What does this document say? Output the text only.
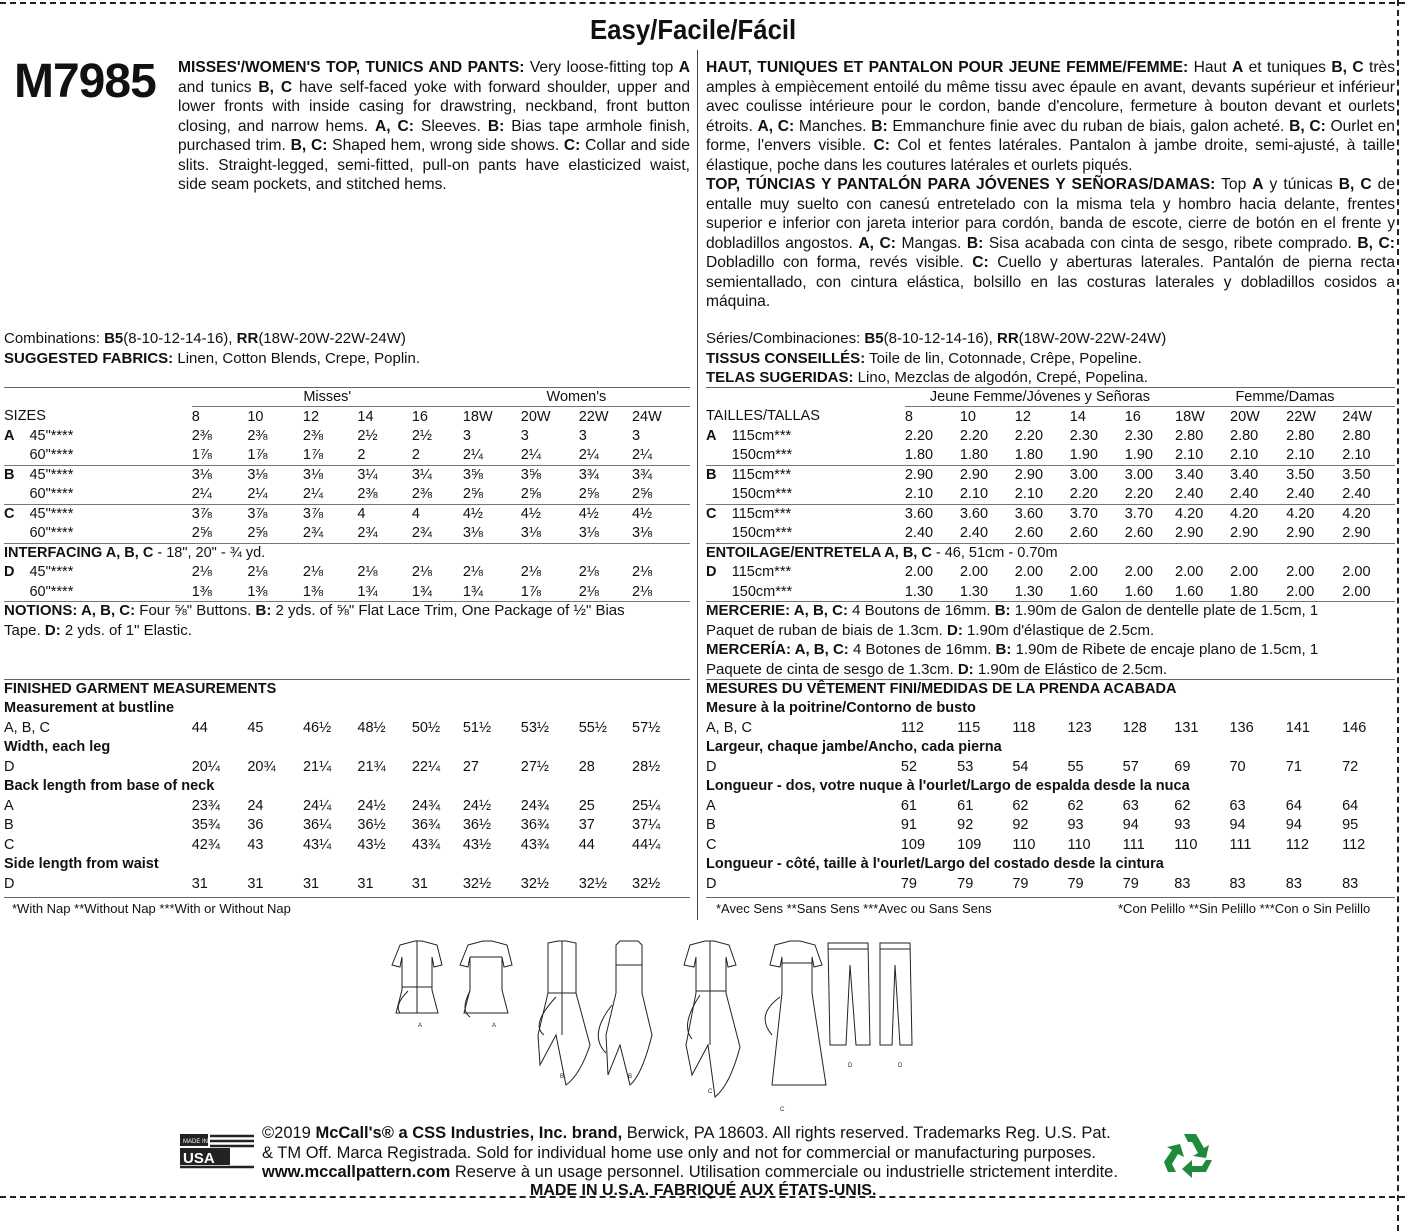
Easy/Facile/Fácil
M7985 MISSES'/WOMEN'S TOP, TUNICS AND PANTS: Very loose-fitting top A and tunics B, C have self-faced yoke with forward shoulder, upper and lower fronts with inside casing for drawstring, neckband, front button closing, and narrow hems. A, C: Sleeves. B: Bias tape armhole finish, purchased trim. B, C: Shaped hem, wrong side shows. C: Collar and side slits. Straight-legged, semi-fitted, pull-on pants have elasticized waist, side seam pockets, and stitched hems.
HAUT, TUNIQUES ET PANTALON POUR JEUNE FEMME/FEMME: Haut A et tuniques B, C très amples à empiècement entoilé du même tissu avec épaule en avant, devants supérieur et inférieur avec coulisse intérieure pour le cordon, bande d'encolure, fermeture à bouton devant et ourlets étroits. A, C: Manches. B: Emmanchure finie avec du ruban de biais, galon acheté. B, C: Ourlet en forme, l'envers visible. C: Col et fentes latérales. Pantalon à jambe droite, semi-ajusté, à taille élastique, poche dans les coutures latérales et ourlets piqués.
TOP, TÚNCIAS Y PANTALÓN PARA JÓVENES Y SEÑORAS/DAMAS: Top A y túnicas B, C de entalle muy suelto con canesú entretelado con la misma tela y hombro hacia delante, frentes superior e inferior con jareta interior para cordón, banda de escote, cierre de botón en el frente y dobladillos angostos. A, C: Mangas. B: Sisa acabada con cinta de sesgo, ribete comprado. B, C: Dobladillo con forma, revés visible. C: Cuello y aberturas laterales. Pantalón de pierna recta semientallado, con cintura elástica, bolsillo en las costuras laterales y dobladillos cosidos a máquina.
Combinations: B5(8-10-12-14-16), RR(18W-20W-22W-24W)
SUGGESTED FABRICS: Linen, Cotton Blends, Crepe, Poplin.
Séries/Combinaciones: B5(8-10-12-14-16), RR(18W-20W-22W-24W)
TISSUS CONSEILLÉS: Toile de lin, Cotonnade, Crêpe, Popeline.
TELAS SUGERIDAS: Lino, Mezclas de algodón, Crepé, Popelina.
		Misses'					Women's			
SIZES		8	10	12	14	16	18W	20W	22W	24W
A	45"****	2⅜	2⅜	2⅜	2½	2½	3	3	3	3
	60"****	1⅞	1⅞	1⅞	2	2	2¼	2¼	2¼	2¼
B	45"****	3⅛	3⅛	3⅛	3¼	3¼	3⅝	3⅝	3¾	3¾
	60"****	2¼	2¼	2¼	2⅜	2⅜	2⅝	2⅝	2⅝	2⅝
C	45"****	3⅞	3⅞	3⅞	4	4	4½	4½	4½	4½
	60"****	2⅝	2⅝	2¾	2¾	2¾	3⅛	3⅛	3⅛	3⅛
INTERFACING A, B, C - 18", 20" - ¾ yd.										
D	45"****	2⅛	2⅛	2⅛	2⅛	2⅛	2⅛	2⅛	2⅛	2⅛
	60"****	1⅜	1⅜	1⅜	1¾	1¾	1¾	1⅞	2⅛	2⅛
		Jeune Femme/Jóvenes y Señoras					Femme/Damas			
TAILLES/TALLAS		8	10	12	14	16	18W	20W	22W	24W
A	115cm***	2.20	2.20	2.20	2.30	2.30	2.80	2.80	2.80	2.80
	150cm***	1.80	1.80	1.80	1.90	1.90	2.10	2.10	2.10	2.10
B	115cm***	2.90	2.90	2.90	3.00	3.00	3.40	3.40	3.50	3.50
	150cm***	2.10	2.10	2.10	2.20	2.20	2.40	2.40	2.40	2.40
C	115cm***	3.60	3.60	3.60	3.70	3.70	4.20	4.20	4.20	4.20
	150cm***	2.40	2.40	2.60	2.60	2.60	2.90	2.90	2.90	2.90
ENTOILAGE/ENTRETELA A, B, C - 46, 51cm - 0.70m										
D	115cm***	2.00	2.00	2.00	2.00	2.00	2.00	2.00	2.00	2.00
	150cm***	1.30	1.30	1.30	1.60	1.60	1.60	1.80	2.00	2.00
NOTIONS: A, B, C: Four ⅝" Buttons. B: 2 yds. of ⅝" Flat Lace Trim, One Package of ½" Bias
Tape. D: 2 yds. of 1" Elastic.
MERCERIE: A, B, C: 4 Boutons de 16mm. B: 1.90m de Galon de dentelle plate de 1.5cm, 1
Paquet de ruban de biais de 1.3cm. D: 1.90m d'élastique de 2.5cm.
MERCERÍA: A, B, C: 4 Botones de 16mm. B: 1.90m de Ribete de encaje plano de 1.5cm, 1
Paquete de cinta de sesgo de 1.3cm. D: 1.90m de Elástico de 2.5cm.
FINISHED GARMENT MEASUREMENTS									
Measurement at bustline									
A, B, C	44	45	46½	48½	50½	51½	53½	55½	57½
Width, each leg									
D	20¼	20¾	21¼	21¾	22¼	27	27½	28	28½
Back length from base of neck									
A	23¾	24	24¼	24½	24¾	24½	24¾	25	25¼
B	35¾	36	36¼	36½	36¾	36½	36¾	37	37¼
C	42¾	43	43¼	43½	43¾	43½	43¾	44	44¼
Side length from waist									
D	31	31	31	31	31	32½	32½	32½	32½
MESURES DU VÊTEMENT FINI/MEDIDAS DE LA PRENDA ACABADA									
Mesure à la poitrine/Contorno de busto									
A, B, C	112	115	118	123	128	131	136	141	146
Largeur, chaque jambe/Ancho, cada pierna									
D	52	53	54	55	57	69	70	71	72
Longueur - dos, votre nuque à l'ourlet/Largo de espalda desde la nuca									
A	61	61	62	62	63	62	63	64	64
B	91	92	92	93	94	93	94	94	95
C	109	109	110	110	111	110	111	112	112
Longueur - côté, taille à l'ourlet/Largo del costado desde la cintura									
D	79	79	79	79	79	83	83	83	83
*With Nap **Without Nap ***With or Without Nap	*Avec Sens **Sans Sens ***Avec ou Sans Sens	*Con Pelillo **Sin Pelillo ***Con o Sin Pelillo
A	A
B	B
C
C
D	D
MADE IN
USA
©2019 McCall's® a CSS Industries, Inc. brand, Berwick, PA 18603. All rights reserved. Trademarks Reg. U.S. Pat.
& TM Off. Marca Registrada. Sold for individual home use only and not for commercial or manufacturing purposes.
www.mccallpattern.com Reserve à un usage personnel. Utilisation commerciale ou industrielle strictement interdite.
MADE IN U.S.A. FABRIQUÉ AUX ÉTATS-UNIS.
